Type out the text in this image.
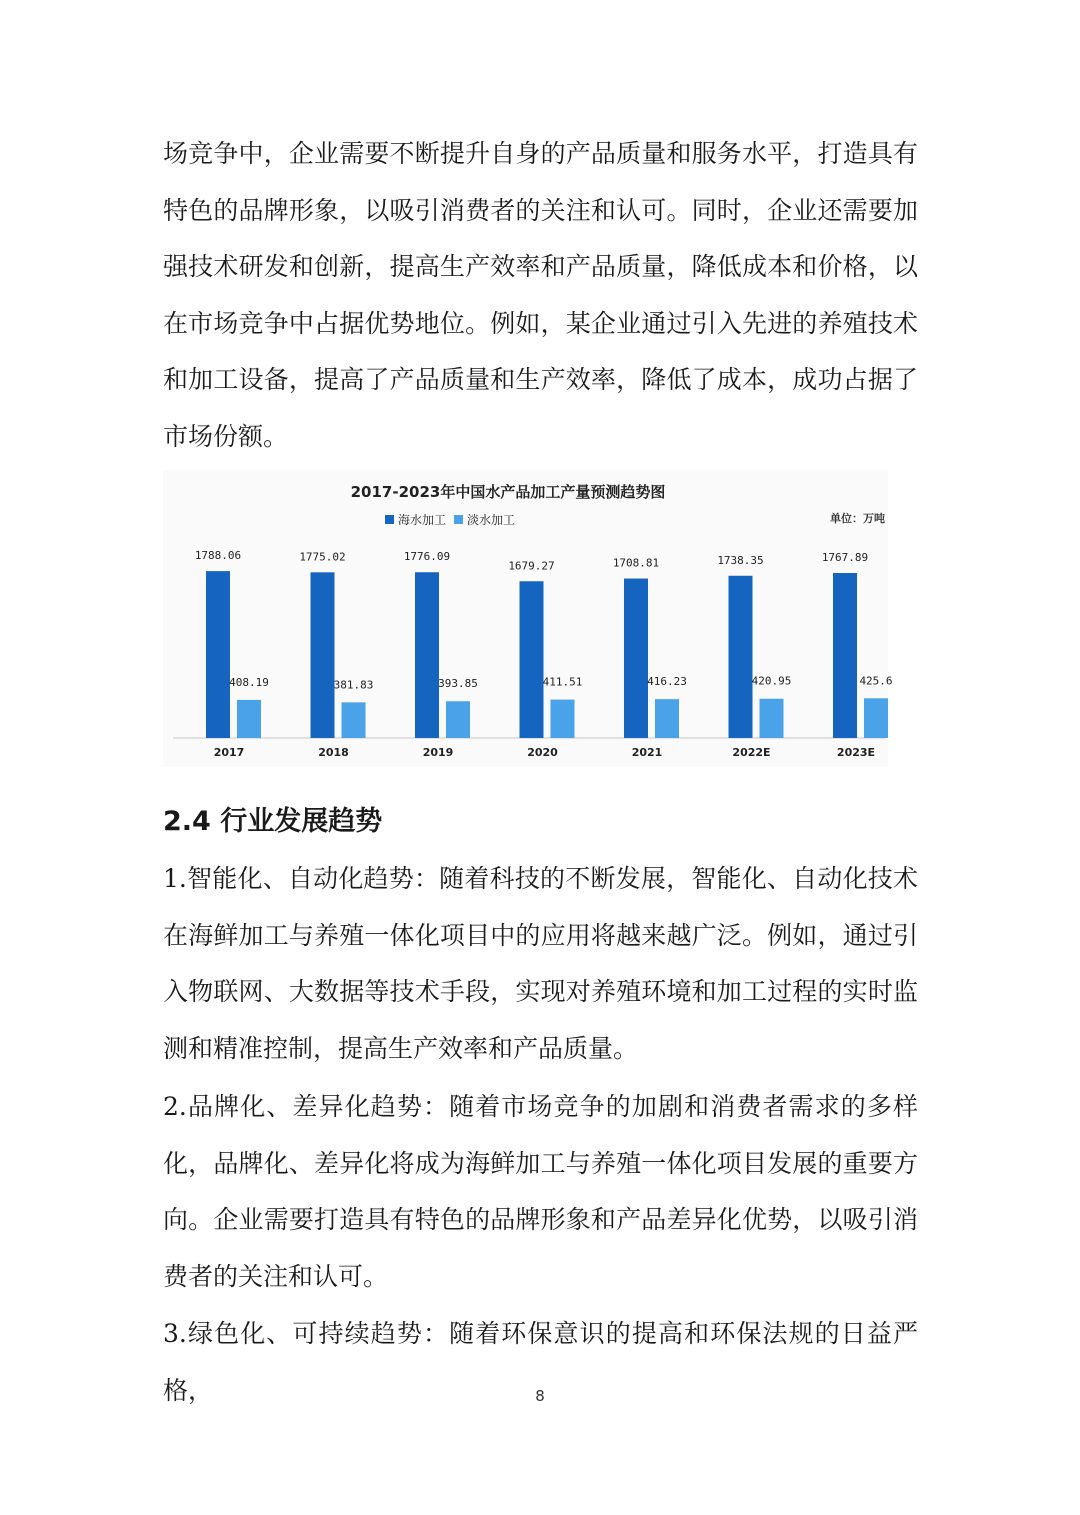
场竞争中，企业需要不断提升自身的产品质量和服务水平，打造具有特色的品牌形象，以吸引消费者的关注和认可。同时，企业还需要加强技术研发和创新，提高生产效率和产品质量，降低成本和价格，以在市场竞争中占据优势地位。例如，某企业通过引入先进的养殖技术和加工设备，提高了产品质量和生产效率，降低了成本，成功占据了市场份额。

2017-2023年中国水产品加工产量预测趋势图
海水加工 淡水加工	单位：万吨
1788.06
408.19
2017
1775.02
381.83
2018
1776.09
393.85
2019
1679.27
411.51
2020
1708.81
416.23
2021
1738.35
420.95
2022E
1767.89
425.6
2023E
2.4 行业发展趋势

1.智能化、自动化趋势：随着科技的不断发展，智能化、自动化技术在海鲜加工与养殖一体化项目中的应用将越来越广泛。例如，通过引入物联网、大数据等技术手段，实现对养殖环境和加工过程的实时监测和精准控制，提高生产效率和产品质量。

2.品牌化、差异化趋势：随着市场竞争的加剧和消费者需求的多样化，品牌化、差异化将成为海鲜加工与养殖一体化项目发展的重要方向。企业需要打造具有特色的品牌形象和产品差异化优势，以吸引消费者的关注和认可。

3.绿色化、可持续趋势：随着环保意识的提高和环保法规的日益严格，	8
